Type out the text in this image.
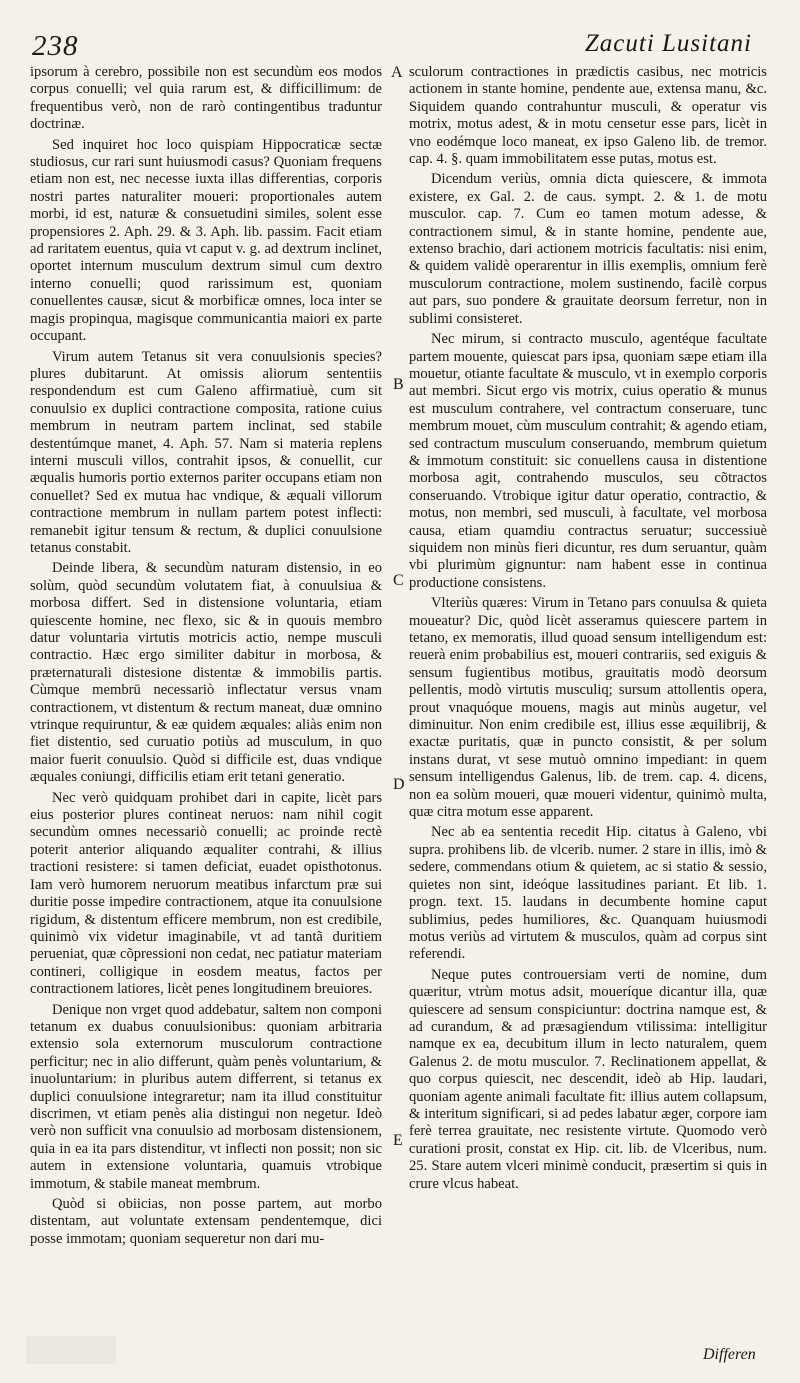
238	Zacuti Lusitani

ipsorum à cerebro, possibile non est secundùm eos modos corpus conuelli; vel quia rarum est, & difficillimum: de frequentibus verò, non de rarò contingentibus traduntur doctrinæ.

Sed inquiret hoc loco quispiam Hippocraticæ sectæ studiosus, cur rari sunt huiusmodi casus? Quoniam frequens etiam non est, nec necesse iuxta illas differentias, corporis nostri partes naturaliter moueri: proportionales autem morbi, id est, naturæ & consuetudini similes, solent esse propensiores 2. Aph. 29. & 3. Aph. lib. passim. Facit etiam ad raritatem euentus, quia vt caput v. g. ad dextrum inclinet, oportet internum musculum dextrum simul cum dextro interno conuelli; quod rarissimum est, quoniam conuellentes causæ, sicut & morbificæ omnes, loca inter se magis propinqua, magisque communicantia maiori ex parte occupant.

Virum autem Tetanus sit vera conuulsionis species? plures dubitarunt. At omissis aliorum sententiis respondendum est cum Galeno affirmatiuè, cum sit conuulsio ex duplici contractione composita, ratione cuius membrum in neutram partem inclinat, sed stabile destentúmque manet, 4. Aph. 57. Nam si materia replens interni musculi villos, contrahit ipsos, & conuellit, cur æqualis humoris portio externos pariter occupans etiam non conuellet? Sed ex mutua hac vndique, & æquali villorum contractione membrum in nullam partem potest inflecti: remanebit igitur tensum & rectum, & duplici conuulsione tetanus constabit.

Deinde libera, & secundùm naturam distensio, in eo solùm, quòd secundùm volutatem fiat, à conuulsiua & morbosa differt. Sed in distensione voluntaria, etiam quiescente homine, nec flexo, sic & in quouis membro datur voluntaria virtutis motricis actio, nempe musculi contractio. Hæc ergo similiter dabitur in morbosa, & præternaturali distesione distentæ & immobilis partis. Cùmque membrū necessariò inflectatur versus vnam contractionem, vt distentum & rectum maneat, duæ omnino vtrinque requiruntur, & eæ quidem æquales: aliàs enim non fiet distentio, sed curuatio potiùs ad musculum, in quo maior fuerit conuulsio. Quòd si difficile est, duas vndique æquales coniungi, difficilis etiam erit tetani generatio.

Nec verò quidquam prohibet dari in capite, licèt pars eius posterior plures contineat neruos: nam nihil cogit secundùm omnes necessariò conuelli; ac proinde rectè poterit anterior aliquando æqualiter contrahi, & illius tractioni resistere: si tamen deficiat, euadet opisthotonus. Iam verò humorem neruorum meatibus infarctum præ sui duritie posse impedire contractionem, atque ita conuulsione rigidum, & distentum efficere membrum, non est credibile, quinimò vix videtur imaginabile, vt ad tantã duritiem perueniat, quæ cõpressioni non cedat, nec patiatur materiam contineri, colligique in eosdem meatus, factos per contractionem latiores, licèt penes longitudinem breuiores.

Denique non vrget quod addebatur, saltem non componi tetanum ex duabus conuulsionibus: quoniam arbitraria extensio sola externorum musculorum contractione perficitur; nec in alio differunt, quàm penès voluntarium, & inuoluntarium: in pluribus autem differrent, si tetanus ex duplici conuulsione integraretur; nam ita illud constituitur discrimen, vt etiam penès alia distingui non negetur. Ideò verò non sufficit vna conuulsio ad morbosam distensionem, quia in ea ita pars distenditur, vt inflecti non possit; non sic autem in extensione voluntaria, quamuis vtrobique immotum, & stabile maneat membrum.

Quòd si obiicias, non posse partem, aut morbo distentam, aut voluntate extensam pendentemque, dici posse immotam; quoniam sequeretur non dari mu-

A
B
C
D
E

sculorum contractiones in prædictis casibus, nec motricis actionem in stante homine, pendente aue, extensa manu, &c. Siquidem quando contrahuntur musculi, & operatur vis motrix, motus adest, & in motu censetur esse pars, licèt in vno eodémque loco maneat, ex ipso Galeno lib. de tremor. cap. 4. §. quam immobilitatem esse putas, motus est.

Dicendum veriùs, omnia dicta quiescere, & immota existere, ex Gal. 2. de caus. sympt. 2. & 1. de motu musculor. cap. 7. Cum eo tamen motum adesse, & contractionem simul, & in stante homine, pendente aue, extenso brachio, dari actionem motricis facultatis: nisi enim, & quidem validè operarentur in illis exemplis, omnium ferè musculorum contractione, molem sustinendo, facilè corpus aut pars, suo pondere & grauitate deorsum ferretur, non in sublimi consisteret.

Nec mirum, si contracto musculo, agentéque facultate partem mouente, quiescat pars ipsa, quoniam sæpe etiam illa mouetur, otiante facultate & musculo, vt in exemplo corporis aut membri. Sicut ergo vis motrix, cuius operatio & munus est musculum contrahere, vel contractum conseruare, tunc membrum mouet, cùm musculum contrahit; & agendo etiam, sed contractum musculum conseruando, membrum quietum & immotum constituit: sic conuellens causa in distentione morbosa agit, contrahendo musculos, seu cõtractos conseruando. Vtrobique igitur datur operatio, contractio, & motus, non membri, sed musculi, à facultate, vel morbosa causa, etiam quamdiu contractus seruatur; successiuè siquidem non minùs fieri dicuntur, res dum seruantur, quàm vbi plurimùm gignuntur: nam habent esse in continua productione consistens.

Vlteriùs quæres: Virum in Tetano pars conuulsa & quieta moueatur? Dic, quòd licèt asseramus quiescere partem in tetano, ex memoratis, illud quoad sensum intelligendum est: reuerà enim probabilius est, moueri contrariis, sed exiguis & sensum fugientibus motibus, grauitatis modò deorsum pellentis, modò virtutis musculiq; sursum attollentis opera, prout vnaquóque mouens, magis aut minùs augetur, vel diminuitur. Non enim credibile est, illius esse æquilibrij, & exactæ puritatis, quæ in puncto consistit, & per solum instans durat, vt sese mutuò omnino impediant: in quem sensum intelligendus Galenus, lib. de trem. cap. 4. dicens, non ea solùm moueri, quæ moueri videntur, quinimò multa, quæ citra motum esse apparent.

Nec ab ea sententia recedit Hip. citatus à Galeno, vbi supra. prohibens lib. de vlcerib. numer. 2 stare in illis, imò & sedere, commendans otium & quietem, ac si statio & sessio, quietes non sint, ideóque lassitudines pariant. Et lib. 1. progn. text. 15. laudans in decumbente homine caput sublimius, pedes humiliores, &c. Quanquam huiusmodi motus veriùs ad virtutem & musculos, quàm ad corpus sint referendi.

Neque putes controuersiam verti de nomine, dum quæritur, vtrùm motus adsit, moueríque dicantur illa, quæ quiescere ad sensum conspiciuntur: doctrina namque est, & ad curandum, & ad præsagiendum vtilissima: intelligitur namque ex ea, decubitum illum in lecto naturalem, quem Galenus 2. de motu musculor. 7. Reclinationem appellat, & quo corpus quiescit, nec descendit, ideò ab Hip. laudari, quoniam agente animali facultate fit: illius autem collapsum, & interitum significari, si ad pedes labatur æger, corpore iam ferè terrea grauitate, nec resistente virtute. Quomodo verò curationi prosit, constat ex Hip. cit. lib. de Vlceribus, num. 25. Stare autem vlceri minimè conducit, præsertim si quis in crure vlcus habeat.

Differen
